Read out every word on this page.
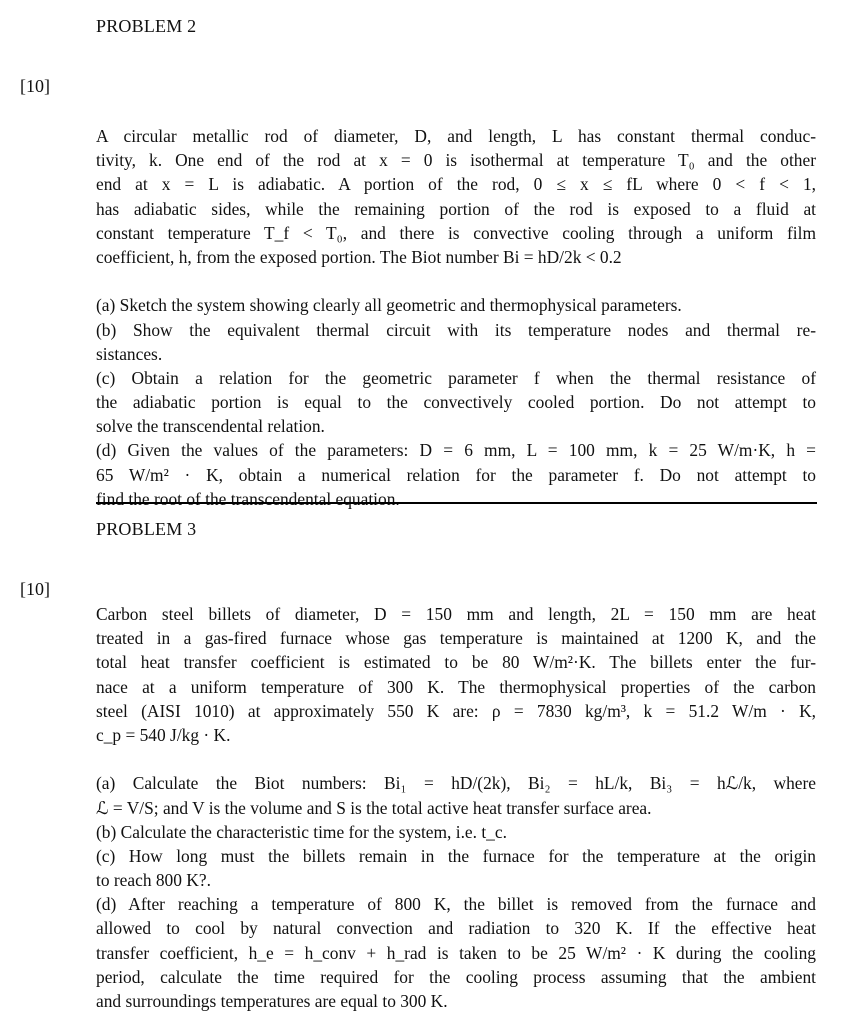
PROBLEM 2
[10]
A circular metallic rod of diameter, D, and length, L has constant thermal conduc-
tivity, k. One end of the rod at x = 0 is isothermal at temperature T₀ and the other
end at x = L is adiabatic. A portion of the rod, 0 ≤ x ≤ fL where 0 < f < 1,
has adiabatic sides, while the remaining portion of the rod is exposed to a fluid at
constant temperature T_f < T₀, and there is convective cooling through a uniform film
coefficient, h, from the exposed portion. The Biot number Bi = hD/2k < 0.2
(a) Sketch the system showing clearly all geometric and thermophysical parameters.
(b) Show the equivalent thermal circuit with its temperature nodes and thermal re-
sistances.
(c) Obtain a relation for the geometric parameter f when the thermal resistance of
the adiabatic portion is equal to the convectively cooled portion. Do not attempt to
solve the transcendental relation.
(d) Given the values of the parameters: D = 6 mm, L = 100 mm, k = 25 W/m·K, h =
65 W/m² · K, obtain a numerical relation for the parameter f. Do not attempt to
find the root of the transcendental equation.
PROBLEM 3
[10]
Carbon steel billets of diameter, D = 150 mm and length, 2L = 150 mm are heat
treated in a gas-fired furnace whose gas temperature is maintained at 1200 K, and the
total heat transfer coefficient is estimated to be 80 W/m²·K. The billets enter the fur-
nace at a uniform temperature of 300 K. The thermophysical properties of the carbon
steel (AISI 1010) at approximately 550 K are: ρ = 7830 kg/m³, k = 51.2 W/m · K,
c_p = 540 J/kg · K.
(a) Calculate the Biot numbers: Bi₁ = hD/(2k), Bi₂ = hL/k, Bi₃ = hℒ/k, where
ℒ = V/S; and V is the volume and S is the total active heat transfer surface area.
(b) Calculate the characteristic time for the system, i.e. t_c.
(c) How long must the billets remain in the furnace for the temperature at the origin
to reach 800 K?.
(d) After reaching a temperature of 800 K, the billet is removed from the furnace and
allowed to cool by natural convection and radiation to 320 K. If the effective heat
transfer coefficient, h_e = h_conv + h_rad is taken to be 25 W/m² · K during the cooling
period, calculate the time required for the cooling process assuming that the ambient
and surroundings temperatures are equal to 300 K.
